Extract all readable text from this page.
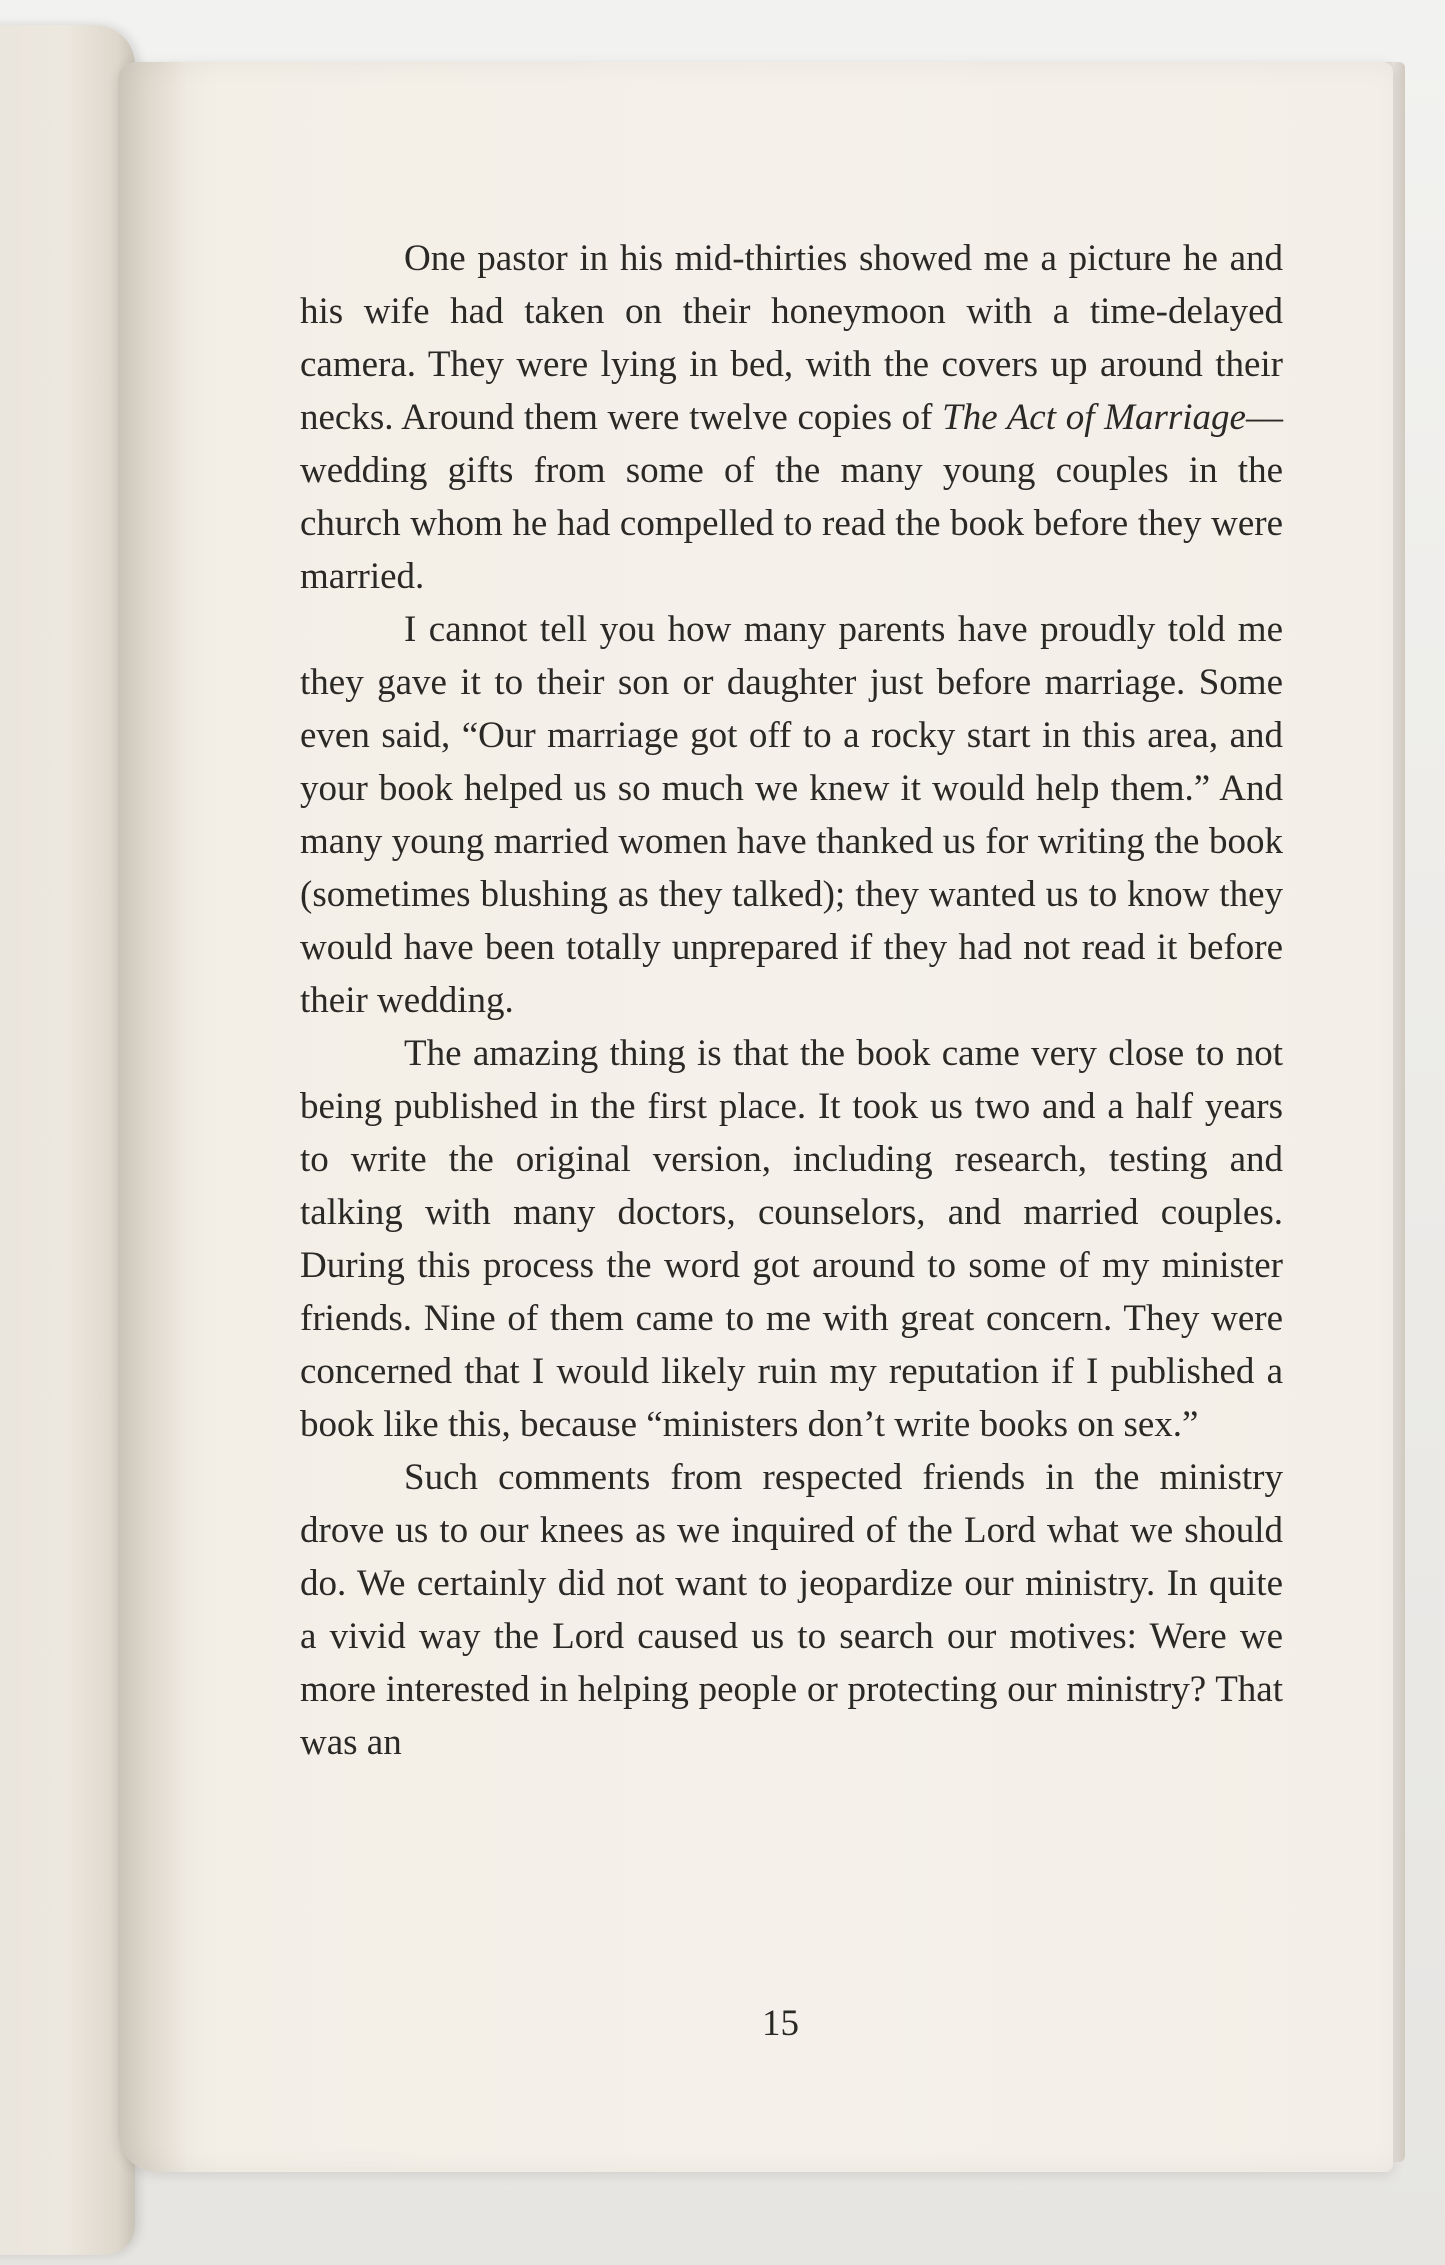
One pastor in his mid-thirties showed me a picture he and his wife had taken on their honeymoon with a time-delayed camera. They were lying in bed, with the covers up around their necks. Around them were twelve copies of The Act of Marriage—wedding gifts from some of the many young couples in the church whom he had compelled to read the book before they were married.

I cannot tell you how many parents have proudly told me they gave it to their son or daughter just before marriage. Some even said, “Our marriage got off to a rocky start in this area, and your book helped us so much we knew it would help them.” And many young married women have thanked us for writing the book (sometimes blushing as they talked); they wanted us to know they would have been totally unprepared if they had not read it before their wedding.

The amazing thing is that the book came very close to not being published in the first place. It took us two and a half years to write the original version, including research, testing and talking with many doctors, counselors, and married couples. During this process the word got around to some of my minister friends. Nine of them came to me with great concern. They were concerned that I would likely ruin my reputation if I published a book like this, because “ministers don’t write books on sex.”

Such comments from respected friends in the ministry drove us to our knees as we inquired of the Lord what we should do. We certainly did not want to jeopardize our ministry. In quite a vivid way the Lord caused us to search our motives: Were we more interested in helping people or protecting our ministry? That was an

15
